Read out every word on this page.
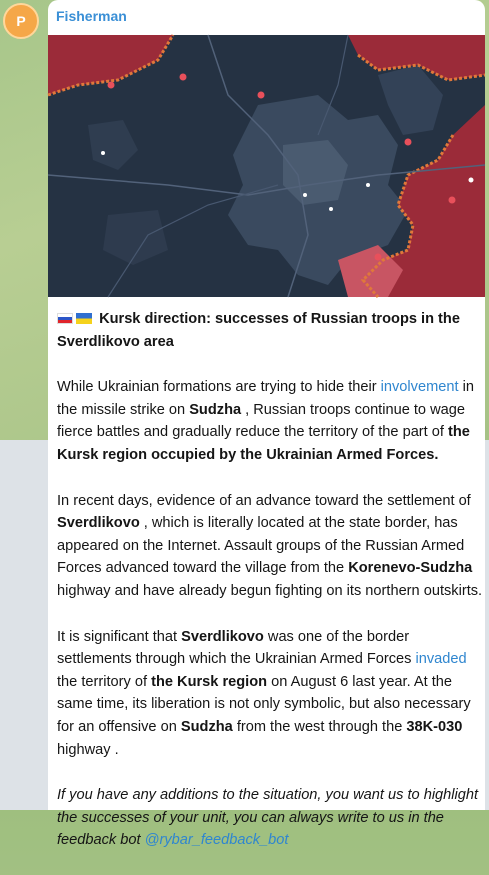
P Fisherman

Kursk direction: successes of Russian troops in the Sverdlikovo area

While Ukrainian formations are trying to hide their involvement in the missile strike on Sudzha , Russian troops continue to wage fierce battles and gradually reduce the territory of the part of the Kursk region occupied by the Ukrainian Armed Forces.

In recent days, evidence of an advance toward the settlement of Sverdlikovo , which is literally located at the state border, has appeared on the Internet. Assault groups of the Russian Armed Forces advanced toward the village from the Korenevo-Sudzha highway and have already begun fighting on its northern outskirts.

It is significant that Sverdlikovo was one of the border settlements through which the Ukrainian Armed Forces invaded the territory of the Kursk region on August 6 last year. At the same time, its liberation is not only symbolic, but also necessary for an offensive on Sudzha from the west through the 38K-030 highway .

If you have any additions to the situation, you want us to highlight the successes of your unit, you can always write to us in the feedback bot @rybar_feedback_bot
